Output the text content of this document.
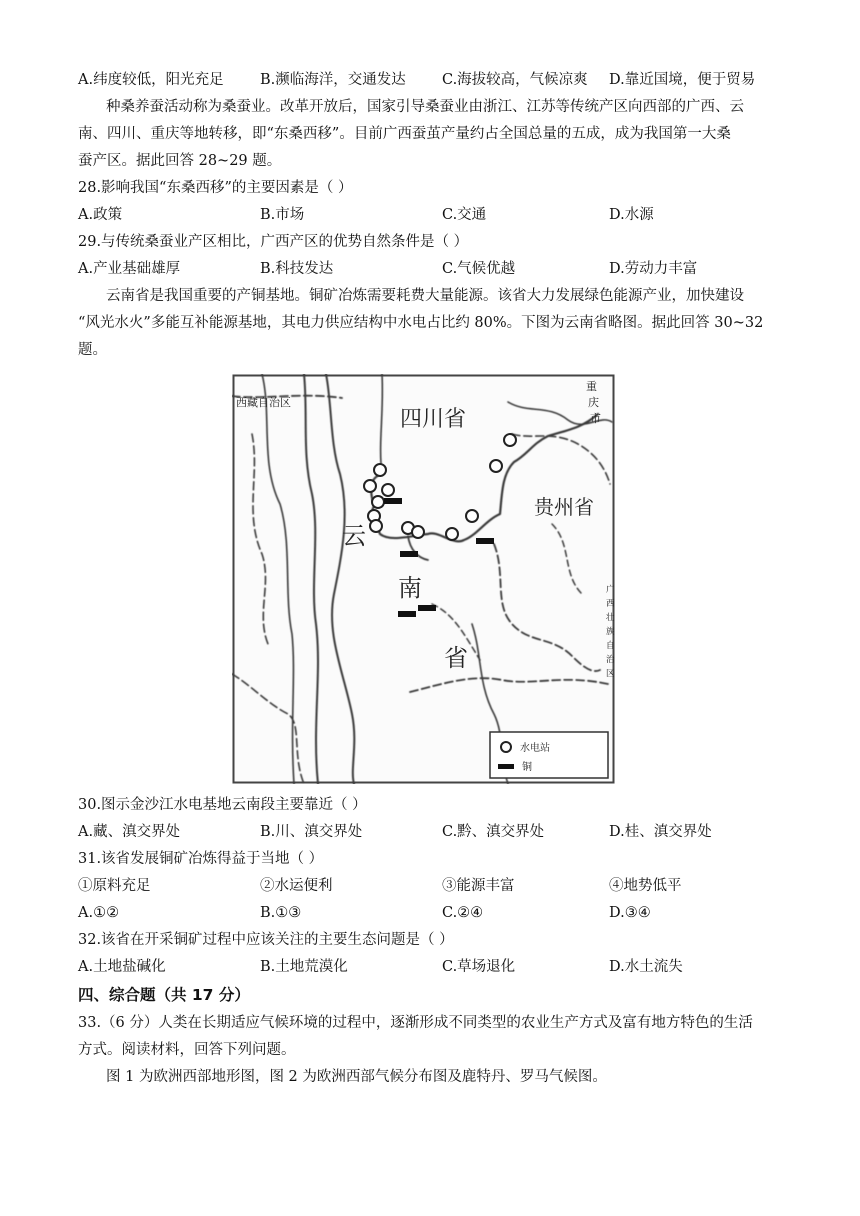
A.纬度较低，阳光充足	B.濒临海洋，交通发达 C.海拔较高，气候凉爽 D.靠近国境，便于贸易
种桑养蚕活动称为桑蚕业。改革开放后，国家引导桑蚕业由浙江、江苏等传统产区向西部的广西、云
南、四川、重庆等地转移，即“东桑西移”。目前广西蚕茧产量约占全国总量的五成，成为我国第一大桑
蚕产区。据此回答 28~29 题。
28.影响我国“东桑西移”的主要因素是（ ）
A.政策	B.市场	C.交通	D.水源
29.与传统桑蚕业产区相比，广西产区的优势自然条件是（ ）
A.产业基础雄厚	B.科技发达	C.气候优越	D.劳动力丰富
云南省是我国重要的产铜基地。铜矿冶炼需要耗费大量能源。该省大力发展绿色能源产业，加快建设
“风光水火”多能互补能源基地，其电力供应结构中水电占比约 80%。下图为云南省略图。据此回答 30~32
题。
西藏自治区
四川省
重
庆
市
贵州省
广
西
壮
族
自
治
区
云
南
省
水电站
铜
30.图示金沙江水电基地云南段主要靠近（ ）
A.藏、滇交界处	B.川、滇交界处	C.黔、滇交界处	D.桂、滇交界处
31.该省发展铜矿冶炼得益于当地（ ）
①原料充足	②水运便利	③能源丰富	④地势低平
A.①②	B.①③	C.②④	D.③④
32.该省在开采铜矿过程中应该关注的主要生态问题是（ ）
A.土地盐碱化	B.土地荒漠化	C.草场退化	D.水土流失
四、综合题（共 17 分）
33.（6 分）人类在长期适应气候环境的过程中，逐渐形成不同类型的农业生产方式及富有地方特色的生活
方式。阅读材料，回答下列问题。
图 1 为欧洲西部地形图，图 2 为欧洲西部气候分布图及鹿特丹、罗马气候图。
